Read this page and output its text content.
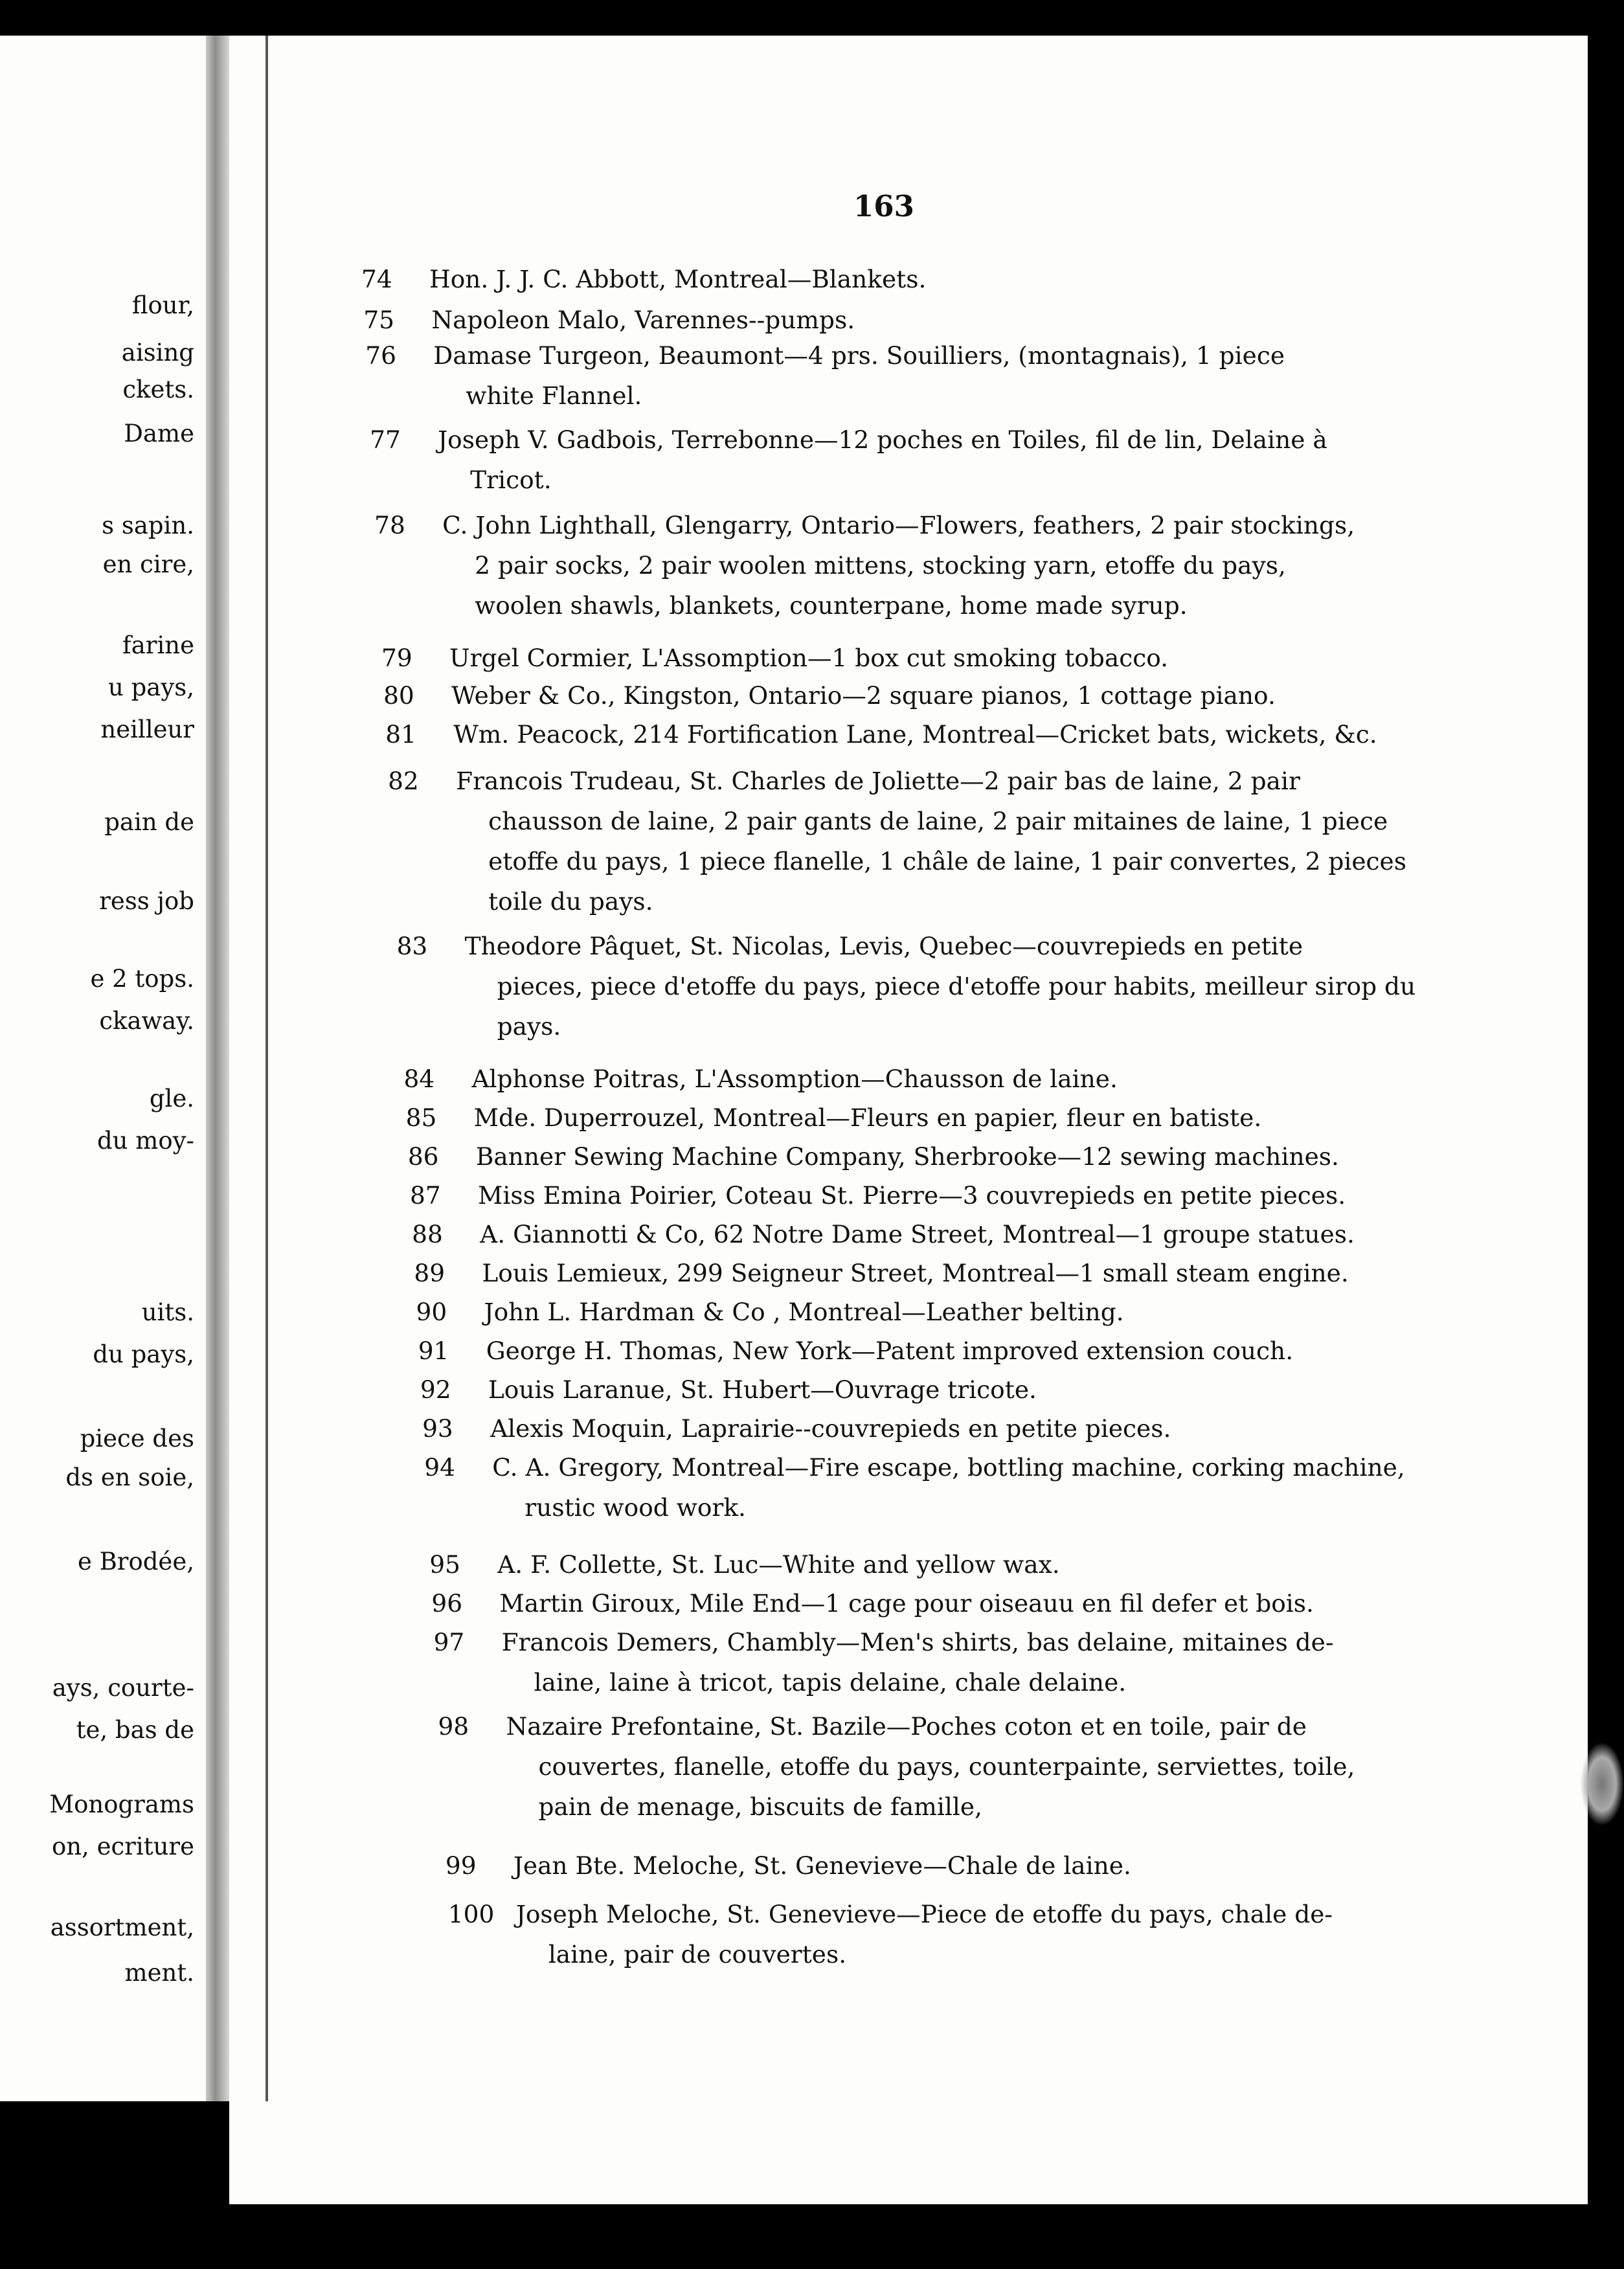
flour,
aising
ckets.
Dame
s sapin.
en cire,
farine
u pays,
neilleur
pain de
ress job
e 2 tops.
ckaway.
gle.
du moy-
uits.
du pays,
piece des
ds en soie,
e Brodée,
ays, courte-
te, bas de
Monograms
on, ecriture
assortment,
ment.
163
74	Hon. J. J. C. Abbott, Montreal—Blankets.
75	Napoleon Malo, Varennes--pumps.
76	Damase Turgeon, Beaumont—4 prs. Souilliers, (montagnais), 1 piece
white Flannel.
77	Joseph V. Gadbois, Terrebonne—12 poches en Toiles, fil de lin, Delaine à
Tricot.
78	C. John Lighthall, Glengarry, Ontario—Flowers, feathers, 2 pair stockings,
2 pair socks, 2 pair woolen mittens, stocking yarn, etoffe du pays,
woolen shawls, blankets, counterpane, home made syrup.
79	Urgel Cormier, L'Assomption—1 box cut smoking tobacco.
80	Weber & Co., Kingston, Ontario—2 square pianos, 1 cottage piano.
81	Wm. Peacock, 214 Fortification Lane, Montreal—Cricket bats, wickets, &c.
82	Francois Trudeau, St. Charles de Joliette—2 pair bas de laine, 2 pair
chausson de laine, 2 pair gants de laine, 2 pair mitaines de laine, 1 piece
etoffe du pays, 1 piece flanelle, 1 châle de laine, 1 pair convertes, 2 pieces
toile du pays.
83	Theodore Pâquet, St. Nicolas, Levis, Quebec—couvrepieds en petite
pieces, piece d'etoffe du pays, piece d'etoffe pour habits, meilleur sirop du
pays.
84	Alphonse Poitras, L'Assomption—Chausson de laine.
85	Mde. Duperrouzel, Montreal—Fleurs en papier, fleur en batiste.
86	Banner Sewing Machine Company, Sherbrooke—12 sewing machines.
87	Miss Emina Poirier, Coteau St. Pierre—3 couvrepieds en petite pieces.
88	A. Giannotti & Co, 62 Notre Dame Street, Montreal—1 groupe statues.
89	Louis Lemieux, 299 Seigneur Street, Montreal—1 small steam engine.
90	John L. Hardman & Co , Montreal—Leather belting.
91	George H. Thomas, New York—Patent improved extension couch.
92	Louis Laranue, St. Hubert—Ouvrage tricote.
93	Alexis Moquin, Laprairie--couvrepieds en petite pieces.
94	C. A. Gregory, Montreal—Fire escape, bottling machine, corking machine,
rustic wood work.
95	A. F. Collette, St. Luc—White and yellow wax.
96	Martin Giroux, Mile End—1 cage pour oiseauu en fil defer et bois.
97	Francois Demers, Chambly—Men's shirts, bas delaine, mitaines de-
laine, laine à tricot, tapis delaine, chale delaine.
98	Nazaire Prefontaine, St. Bazile—Poches coton et en toile, pair de
couvertes, flanelle, etoffe du pays, counterpainte, serviettes, toile,
pain de menage, biscuits de famille,
99	Jean Bte. Meloche, St. Genevieve—Chale de laine.
100 Joseph Meloche, St. Genevieve—Piece de etoffe du pays, chale de-
laine, pair de couvertes.
